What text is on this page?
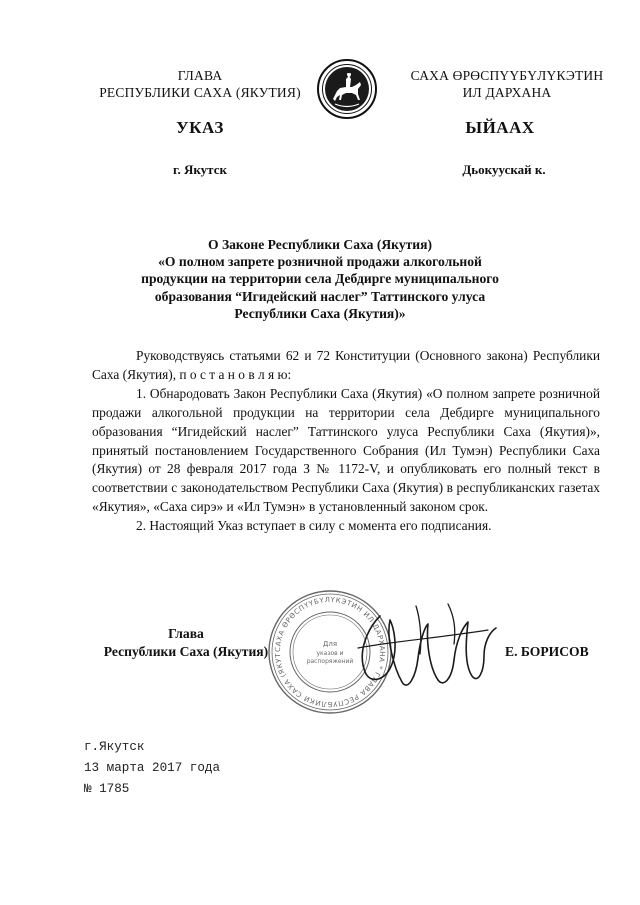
ГЛАВА
РЕСПУБЛИКИ САХА (ЯКУТИЯ)
САХА ӨРӨСПҮҮБҮЛҮКЭТИН
ИЛ ДАРХАНА
УКАЗ	ЫЙААХ
г. Якутск	Дьокуускай к.
О Законе Республики Саха (Якутия)
«О полном запрете розничной продажи алкогольной
продукции на территории села Дебдирге муниципального
образования “Игидейский наслег” Таттинского улуса
Республики Саха (Якутия)»

Руководствуясь статьями 62 и 72 Конституции (Основного закона) Республики Саха (Якутия), п о с т а н о в л я ю:

1. Обнародовать Закон Республики Саха (Якутия) «О полном запрете розничной продажи алкогольной продукции на территории села Дебдирге муниципального образования “Игидейский наслег” Таттинского улуса Республики Саха (Якутия)», принятый постановлением Государственного Собрания (Ил Тумэн) Республики Саха (Якутия) от 28 февраля 2017 года З № 1172-V, и опубликовать его полный текст в соответствии с законодательством Республики Саха (Якутия) в республиканских газетах «Якутия», «Саха сирэ» и «Ил Тумэн» в установленный законом срок.

2. Настоящий Указ вступает в силу с момента его подписания.

Глава
Республики Саха (Якутия) САХА ӨРӨСПҮҮБҮЛҮКЭТИН ИЛ ДАРХАНА * ГЛАВА РЕСПУБЛИКИ САХА (ЯКУТ
Для
указов и
распоряжений
Е. БОРИСОВ
г.Якутск
13 марта 2017 года
№ 1785
